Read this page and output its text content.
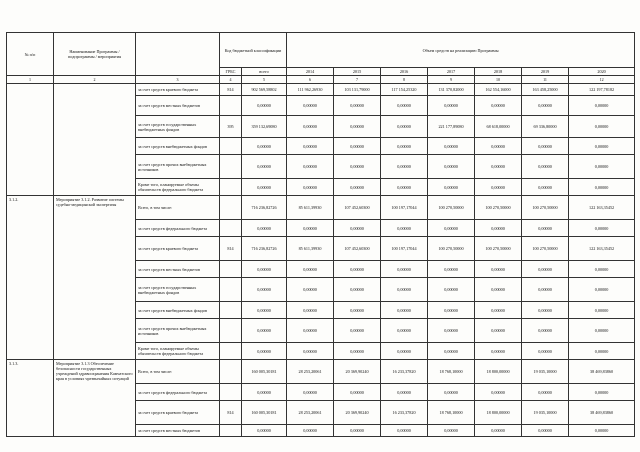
№ п/п	Наименование Программы / подпрограммы / мероприятия		Код бюджетной классификации		Объем средств на реализацию Программы						
			ГРБС	всего	2014	2015	2016	2017	2018	2019	2020
1	2	3	4	5	6	7	8	9	10	11	12
		за счет средств краевого бюджета	814	902 569,58802	111 962,26930	103 131,79000	117 154,25320	131 370,82000	162 554,16000	163 458,25000	122 197,78182
		за счет средств местных бюджетов		0,00000	0,00000	0,00000	0,00000	0,00000	0,00000	0,00000	0,00000
		за счет средств государственных внебюджетных фондов	395	359 132,69080	0,00000	0,00000	0,00000	221 177,89080	68 618,00000	69 336,80000	0,00000
		за счет средств внебюджетных фондов		0,00000	0,00000	0,00000	0,00000	0,00000	0,00000	0,00000	0,00000
		за счет средств прочих внебюджетных источников		0,00000	0,00000	0,00000	0,00000	0,00000	0,00000	0,00000	0,00000
		Кроме того, планируемые объемы обязательств федерального бюджета		0,00000	0,00000	0,00000	0,00000	0,00000	0,00000	0,00000	0,00000
3.1.2.	Мероприятие 3.1.2. Развитие системы судебно-медицинской экспертизы	Всего, в том числе:		716 236,82726	85 611,39930	107 452,60300	100 197,17044	100 270,50000	100 270,50000	100 270,50000	122 163,35452
		за счет средств федерального бюджета		0,00000	0,00000	0,00000	0,00000	0,00000	0,00000	0,00000	0,00000
		за счет средств краевого бюджета	814	716 236,82726	85 611,39930	107 452,60300	100 197,17044	100 270,50000	100 270,50000	100 270,50000	122 163,35452
		за счет средств местных бюджетов		0,00000	0,00000	0,00000	0,00000	0,00000	0,00000	0,00000	0,00000
		за счет средств государственных внебюджетных фондов		0,00000	0,00000	0,00000	0,00000	0,00000	0,00000	0,00000	0,00000
		за счет средств внебюджетных фондов		0,00000	0,00000	0,00000	0,00000	0,00000	0,00000	0,00000	0,00000
		за счет средств прочих внебюджетных источников		0,00000	0,00000	0,00000	0,00000	0,00000	0,00000	0,00000	0,00000
		Кроме того, планируемые объемы обязательств федерального бюджета		0,00000	0,00000	0,00000	0,00000	0,00000	0,00000	0,00000	0,00000
3.1.3.	Мероприятие 3.1.3 Обеспечение безопасности государственных учреждений здравоохранения Камчатского края в условиях чрезвычайных ситуаций	Всего, в том числе:		160 005,30181	28 253,20061	20 369,90240	16 233,37820	18 768,10000	18 800,00000	19 035,10000	38 469,83860
		за счет средств федерального бюджета		0,00000	0,00000	0,00000	0,00000	0,00000	0,00000	0,00000	0,00000
		за счет средств краевого бюджета	814	160 005,30181	28 253,20061	20 369,90240	16 233,37820	18 768,10000	18 800,00000	19 035,10000	38 469,83860
		за счет средств местных бюджетов		0,00000	0,00000	0,00000	0,00000	0,00000	0,00000	0,00000	0,00000
